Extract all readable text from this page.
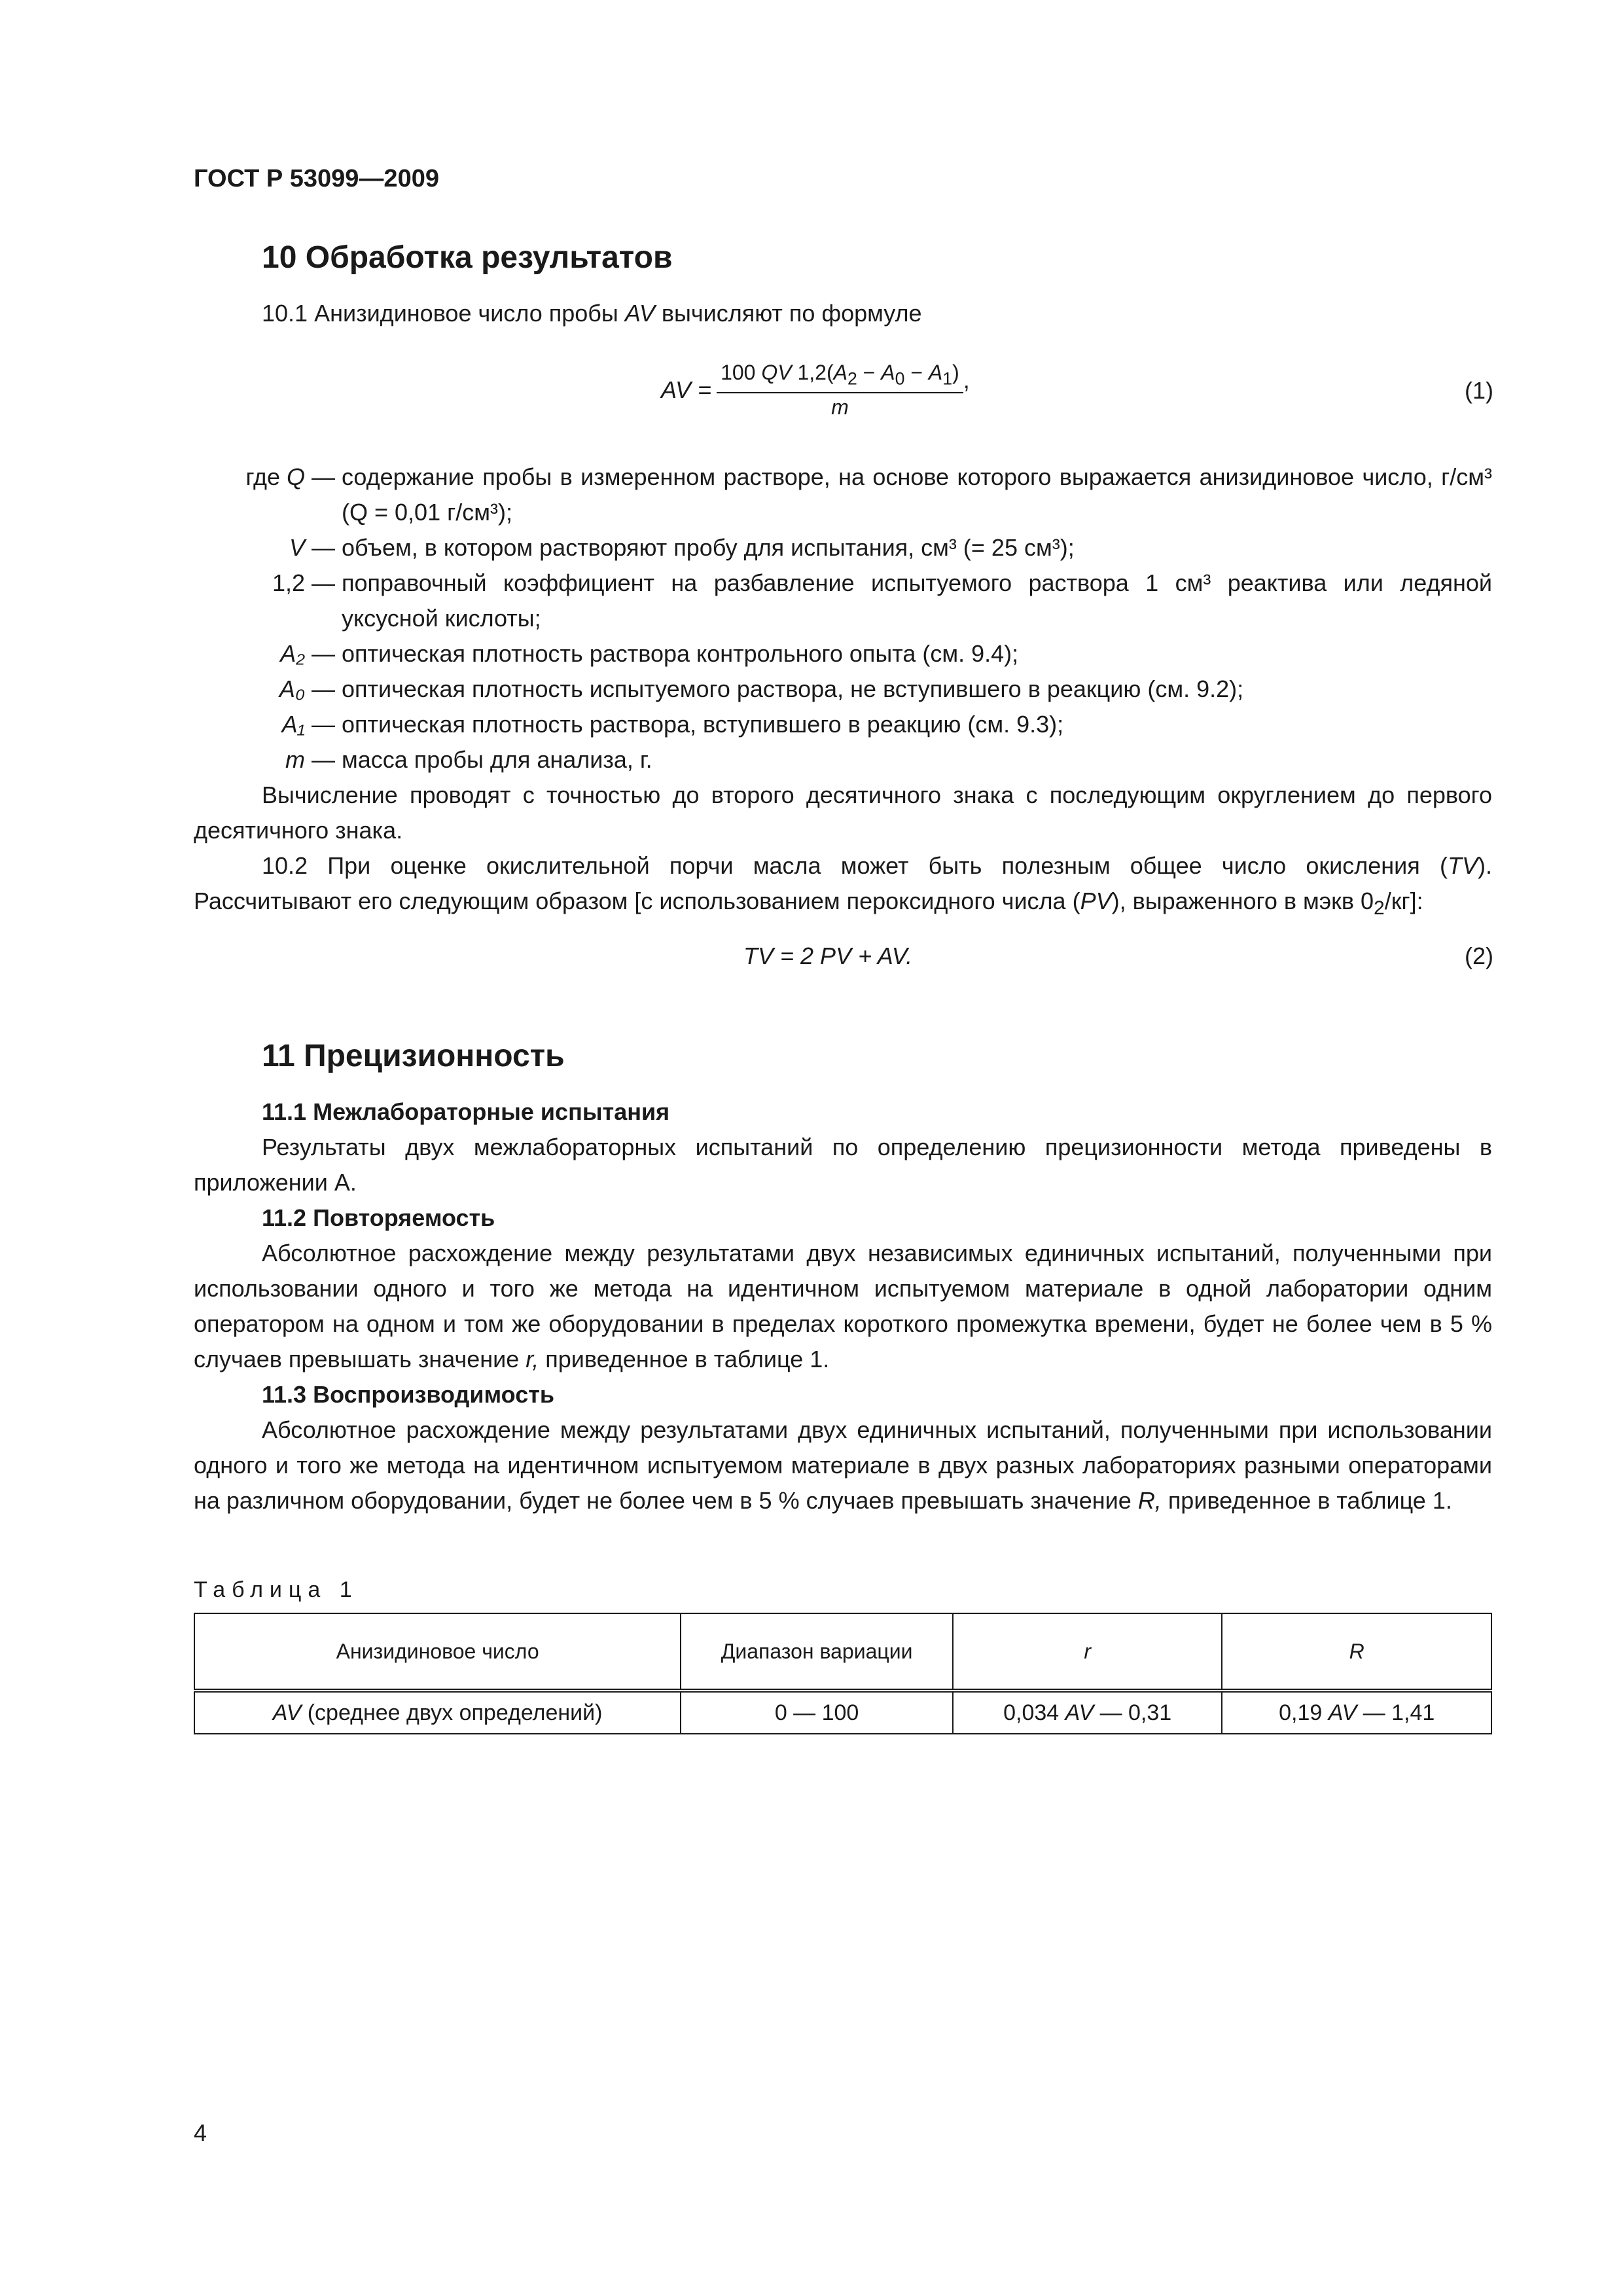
ГОСТ Р 53099—2009
10 Обработка результатов
10.1 Анизидиновое число пробы AV вычисляют по формуле
AV = $\frac{100 QV 1,2(A_2 - A_0 - A_1)}{m}$ ,	(1)
где Q — содержание пробы в измеренном растворе, на основе которого выражается анизидиновое число, г/см³ (Q = 0,01 г/см³);
V — объем, в котором растворяют пробу для испытания, см³ (= 25 см³);
1,2 — поправочный коэффициент на разбавление испытуемого раствора 1 см³ реактива или ледяной уксусной кислоты;
A₂ — оптическая плотность раствора контрольного опыта (см. 9.4);
A₀ — оптическая плотность испытуемого раствора, не вступившего в реакцию (см. 9.2);
A₁ — оптическая плотность раствора, вступившего в реакцию (см. 9.3);
m — масса пробы для анализа, г.

Вычисление проводят с точностью до второго десятичного знака с последующим округлением до первого десятичного знака.

10.2 При оценке окислительной порчи масла может быть полезным общее число окисления (TV). Рассчитывают его следующим образом [с использованием пероксидного числа (PV), выраженного в мэкв $0_2/кг$]:

TV = 2 PV + AV.	(2)
11 Прецизионность

11.1 Межлабораторные испытания

Результаты двух межлабораторных испытаний по определению прецизионности метода приведены в приложении А.

11.2 Повторяемость

Абсолютное расхождение между результатами двух независимых единичных испытаний, полученными при использовании одного и того же метода на идентичном испытуемом материале в одной лаборатории одним оператором на одном и том же оборудовании в пределах короткого промежутка времени, будет не более чем в 5 % случаев превышать значение r, приведенное в таблице 1.

11.3 Воспроизводимость

Абсолютное расхождение между результатами двух единичных испытаний, полученными при использовании одного и того же метода на идентичном испытуемом материале в двух разных лабораториях разными операторами на различном оборудовании, будет не более чем в 5 % случаев превышать значение R, приведенное в таблице 1.

Таблица 1
Анизидиновое число	Диапазон вариации	r	R
AV (среднее двух определений)	0 — 100	0,034 AV — 0,31	0,19 AV — 1,41
4
